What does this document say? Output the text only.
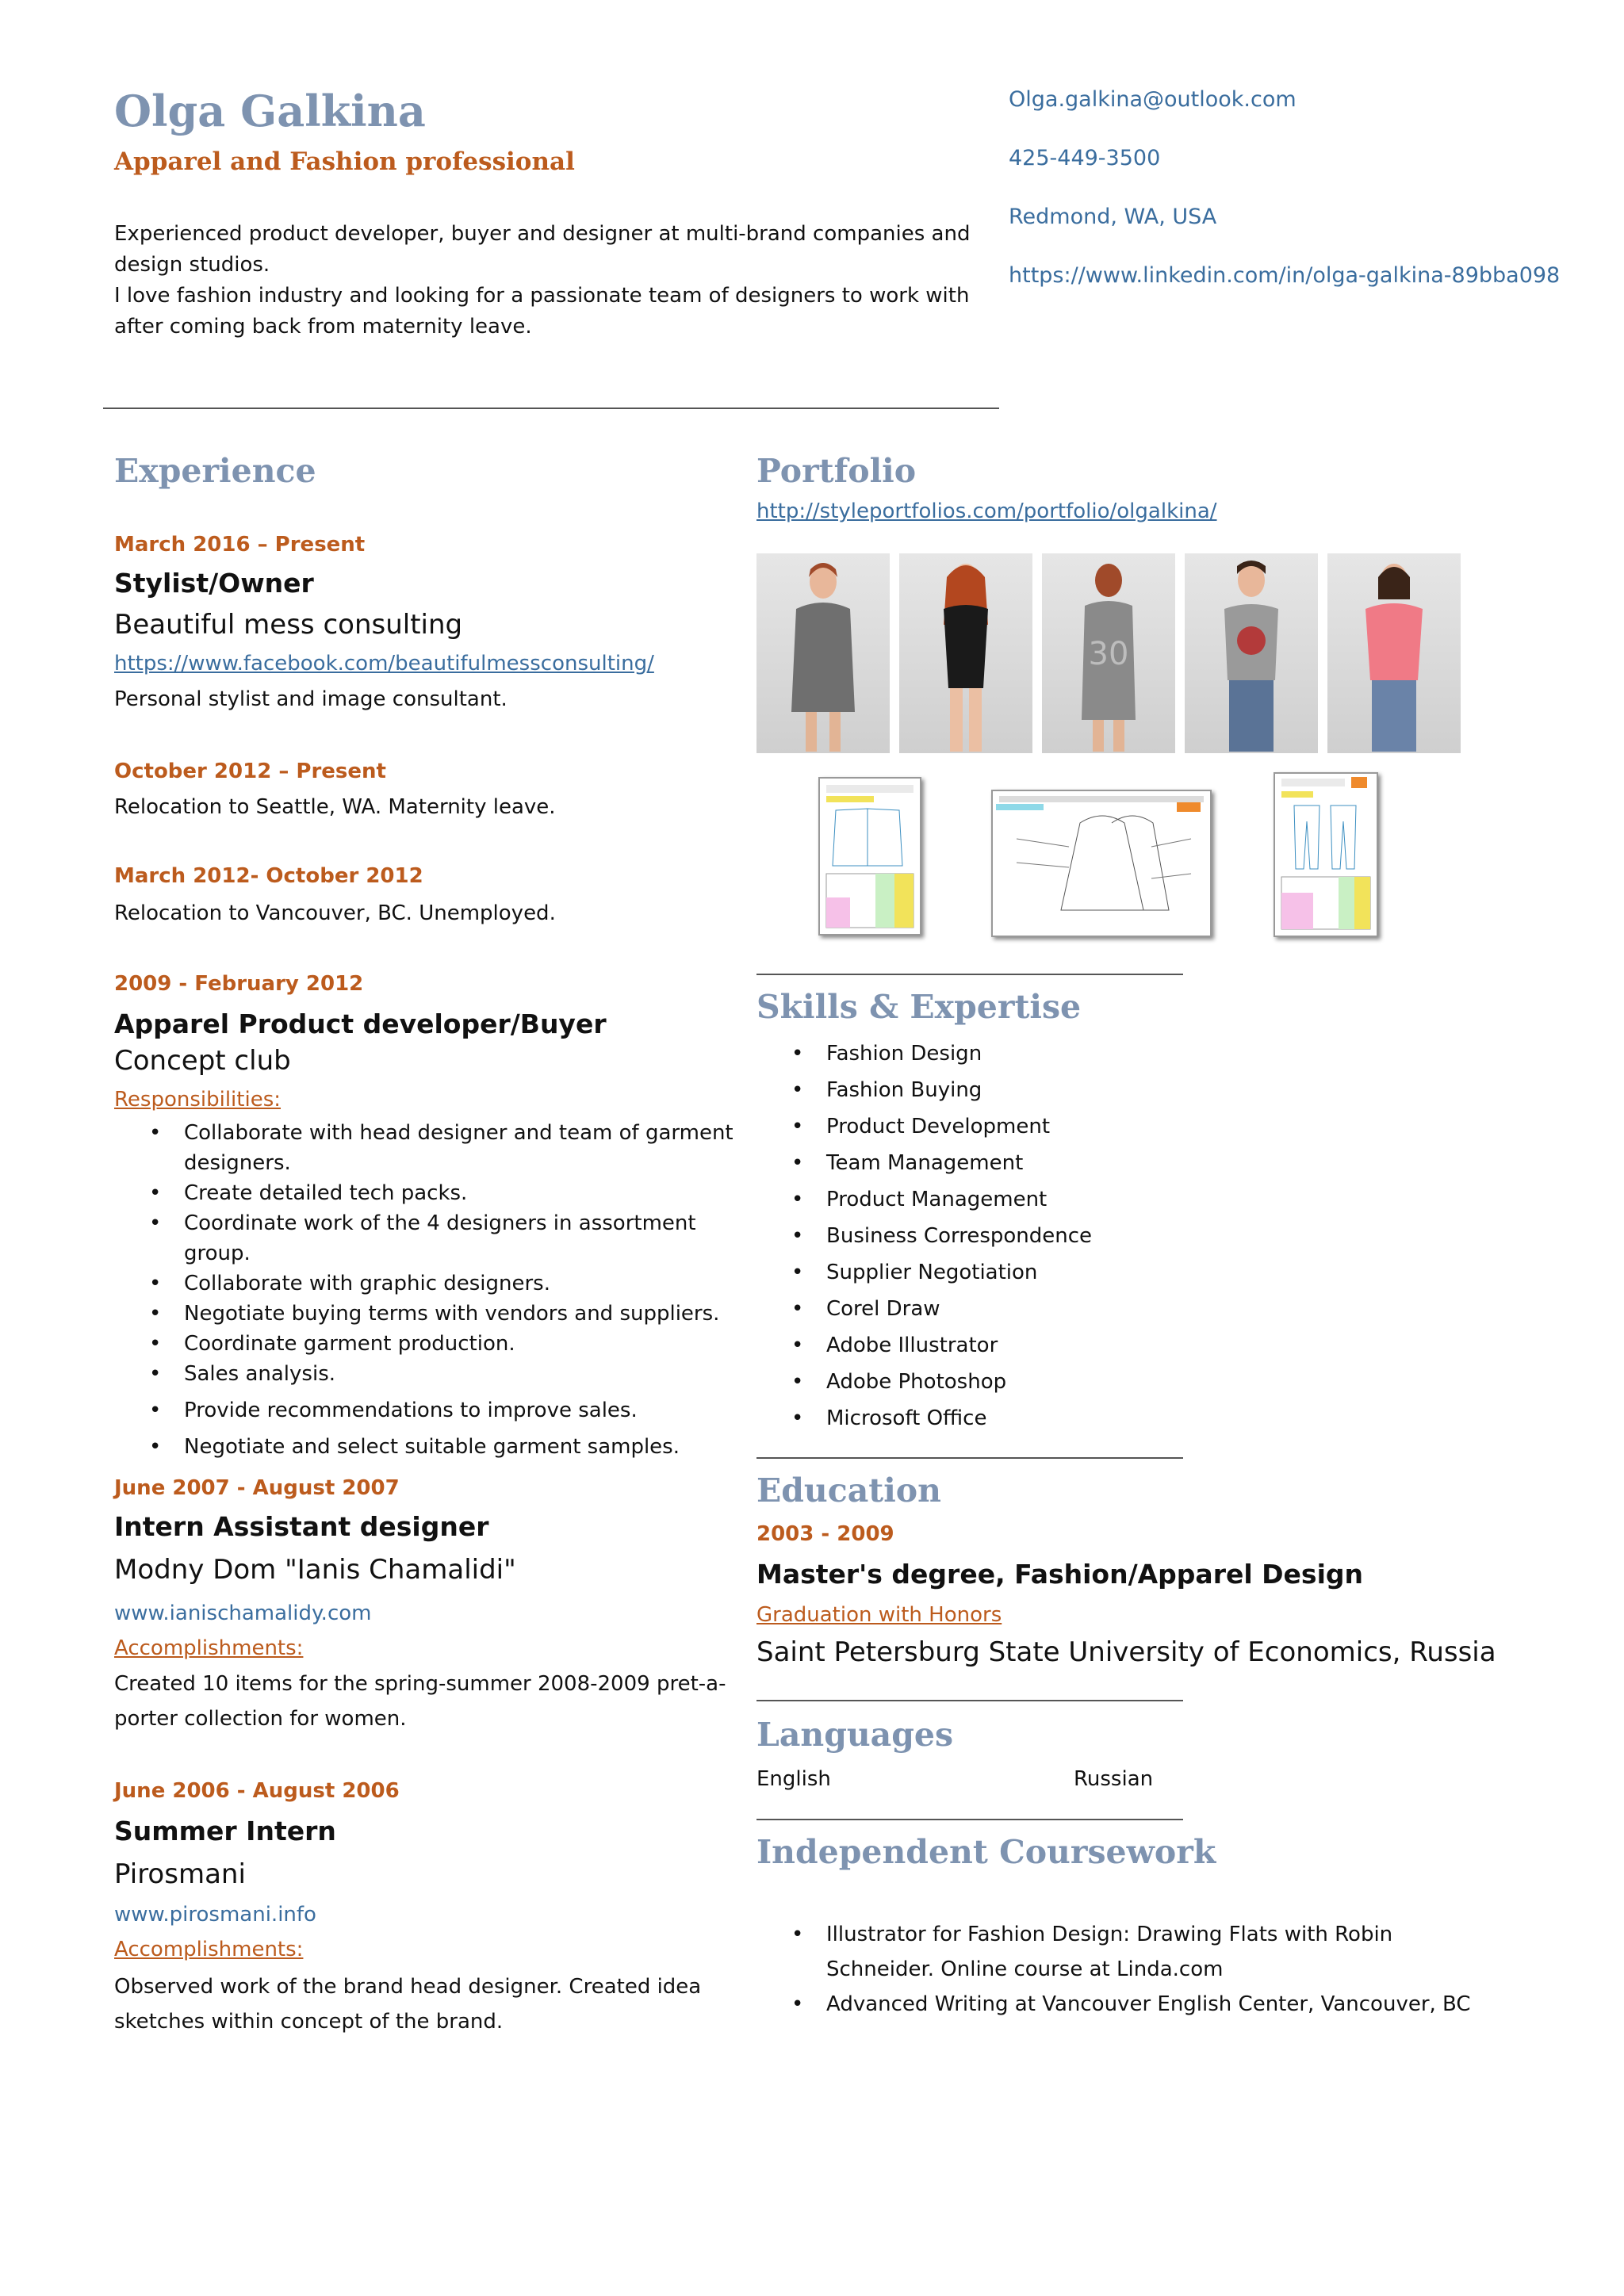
Olga Galkina
Apparel and Fashion professional
Experienced product developer, buyer and designer at multi-brand companies and design studios.
I love fashion industry and looking for a passionate team of designers to work with after coming back from maternity leave.
Olga.galkina@outlook.com
425-449-3500
Redmond, WA, USA
https://www.linkedin.com/in/olga-galkina-89bba098
Experience
March 2016 – Present
Stylist/Owner
Beautiful mess consulting
https://www.facebook.com/beautifulmessconsulting/
Personal stylist and image consultant.
October 2012 – Present
Relocation to Seattle, WA. Maternity leave.
March 2012- October 2012
Relocation to Vancouver, BC. Unemployed.
2009 - February 2012
Apparel Product developer/Buyer
Concept club
Responsibilities:
• Collaborate with head designer and team of garment designers.
• Create detailed tech packs.
• Coordinate work of the 4 designers in assortment group.
• Collaborate with graphic designers.
• Negotiate buying terms with vendors and suppliers.
• Coordinate garment production.
• Sales analysis.
• Provide recommendations to improve sales.
• Negotiate and select suitable garment samples.
June 2007 - August 2007
Intern Assistant designer
Modny Dom "Ianis Chamalidi"
www.ianischamalidy.com
Accomplishments:
Created 10 items for the spring-summer 2008-2009 pret-a-porter collection for women.
June 2006 - August 2006
Summer Intern
Pirosmani
www.pirosmani.info
Accomplishments:
Observed work of the brand head designer. Created idea sketches within concept of the brand.
Portfolio
http://styleportfolios.com/portfolio/olgalkina/
30
Skills & Expertise
• Fashion Design
• Fashion Buying
• Product Development
• Team Management
• Product Management
• Business Correspondence
• Supplier Negotiation
• Corel Draw
• Adobe Illustrator
• Adobe Photoshop
• Microsoft Office
Education
2003 - 2009
Master's degree, Fashion/Apparel Design
Graduation with Honors
Saint Petersburg State University of Economics, Russia
Languages
English	Russian
Independent Coursework
• Illustrator for Fashion Design: Drawing Flats with Robin Schneider. Online course at Linda.com
• Advanced Writing at Vancouver English Center, Vancouver, BC
